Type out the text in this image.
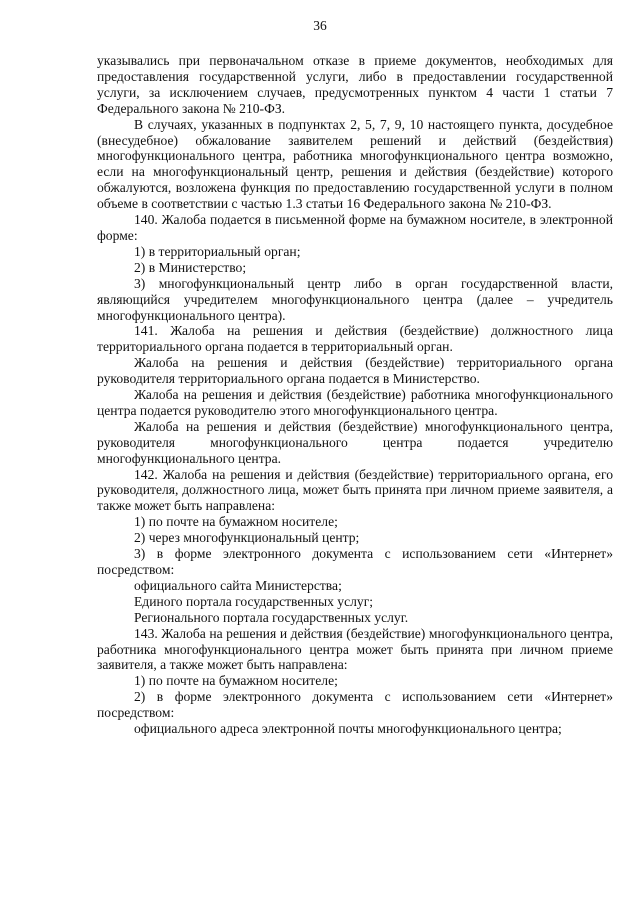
36

указывались при первоначальном отказе в приеме документов, необходимых для предоставления государственной услуги, либо в предоставлении государственной услуги, за исключением случаев, предусмотренных пунктом 4 части 1 статьи 7 Федерального закона № 210-ФЗ.

В случаях, указанных в подпунктах 2, 5, 7, 9, 10 настоящего пункта, досудебное (внесудебное) обжалование заявителем решений и действий (бездействия) многофункционального центра, работника многофункционального центра возможно, если на многофункциональный центр, решения и действия (бездействие) которого обжалуются, возложена функция по предоставлению государственной услуги в полном объеме в соответствии с частью 1.3 статьи 16 Федерального закона № 210-ФЗ.

140. Жалоба подается в письменной форме на бумажном носителе, в электронной форме:

1) в территориальный орган;

2) в Министерство;

3) многофункциональный центр либо в орган государственной власти, являющийся учредителем многофункционального центра (далее – учредитель многофункционального центра).

141. Жалоба на решения и действия (бездействие) должностного лица территориального органа подается в территориальный орган.

Жалоба на решения и действия (бездействие) территориального органа руководителя территориального органа подается в Министерство.

Жалоба на решения и действия (бездействие) работника многофункционального центра подается руководителю этого многофункционального центра.

Жалоба на решения и действия (бездействие) многофункционального центра, руководителя многофункционального центра подается учредителю многофункционального центра.

142. Жалоба на решения и действия (бездействие) территориального органа, его руководителя, должностного лица, может быть принята при личном приеме заявителя, а также может быть направлена:

1) по почте на бумажном носителе;

2) через многофункциональный центр;

3) в форме электронного документа с использованием сети «Интернет» посредством:

официального сайта Министерства;

Единого портала государственных услуг;

Регионального портала государственных услуг.

143. Жалоба на решения и действия (бездействие) многофункционального центра, работника многофункционального центра может быть принята при личном приеме заявителя, а также может быть направлена:

1) по почте на бумажном носителе;

2) в форме электронного документа с использованием сети «Интернет» посредством:

официального адреса электронной почты многофункционального центра;
